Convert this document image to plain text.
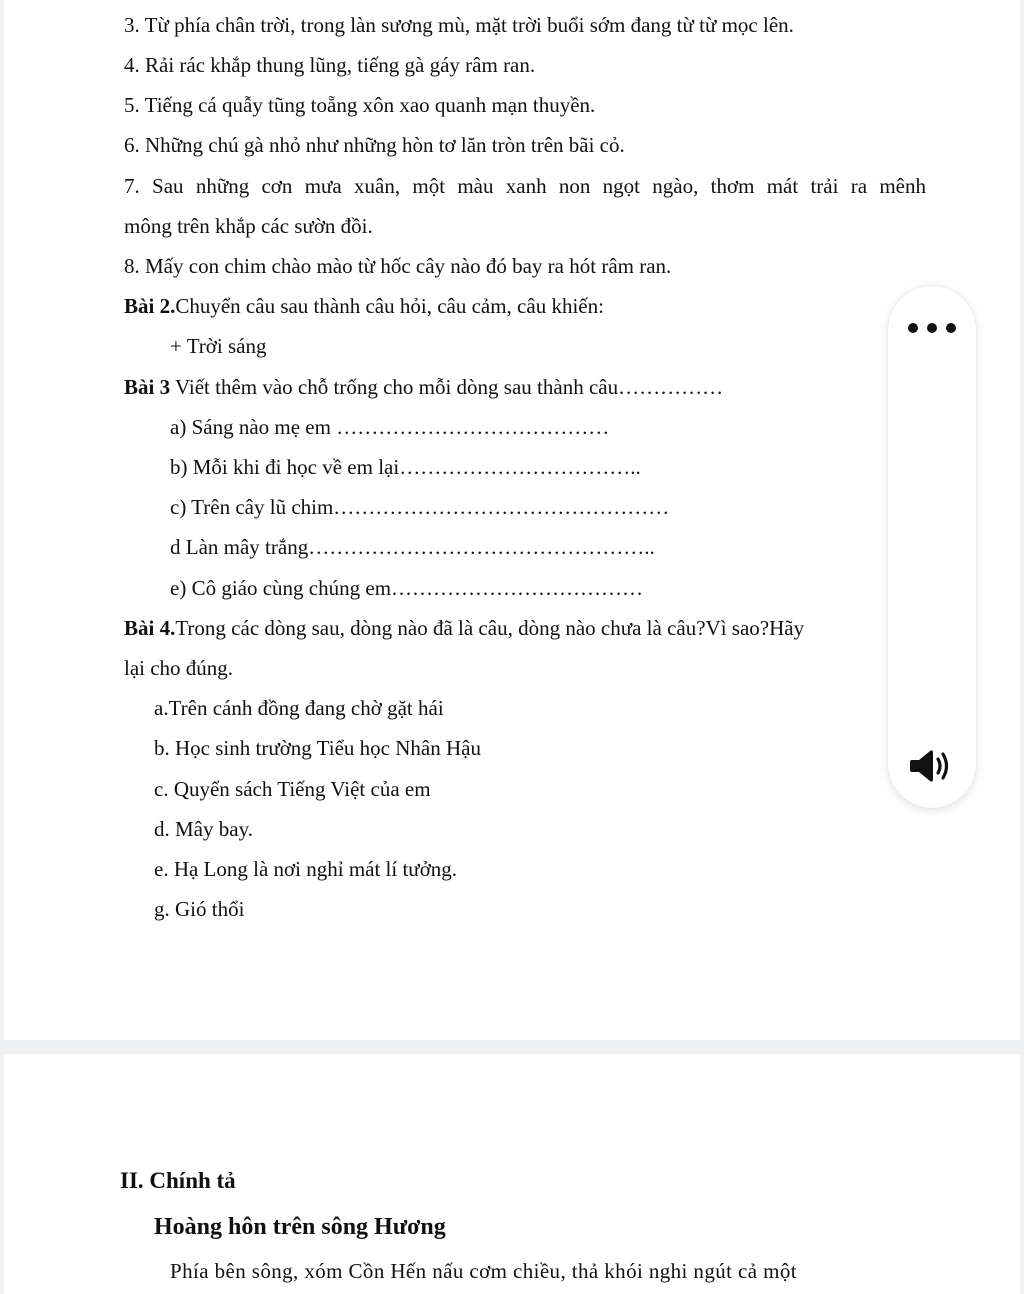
3. Từ phía chân trời, trong làn sương mù, mặt trời buổi sớm đang từ từ mọc lên.
4. Rải rác khắp thung lũng, tiếng gà gáy râm ran.
5. Tiếng cá quẫy tũng toẵng xôn xao quanh mạn thuyền.
6. Những chú gà nhỏ như những hòn tơ lăn tròn trên bãi cỏ.
7. Sau những cơn mưa xuân, một màu xanh non ngọt ngào, thơm mát trải ra mênh
mông trên khắp các sườn đồi.
8. Mấy con chim chào mào từ hốc cây nào đó bay ra hót râm ran.
Bài 2.Chuyển câu sau thành câu hỏi, câu cảm, câu khiến:
+ Trời sáng
Bài 3 Viết thêm vào chỗ trống cho mỗi dòng sau thành câu……………
a) Sáng nào mẹ em …………………………………
b) Mỗi khi đi học về em lại……………………………..
c) Trên cây lũ chim…………………………………………
d Làn mây trắng…………………………………………..
e) Cô giáo cùng chúng em………………………………
Bài 4.Trong các dòng sau, dòng nào đã là câu, dòng nào chưa là câu?Vì sao?Hãy
lại cho đúng.
a.Trên cánh đồng đang chờ gặt hái
b. Học sinh trường Tiểu học Nhân Hậu
c. Quyển sách Tiếng Việt của em
d. Mây bay.
e. Hạ Long là nơi nghỉ mát lí tưởng.
g. Gió thổi
II. Chính tả
Hoàng hôn trên sông Hương
Phía bên sông, xóm Cồn Hến nấu cơm chiều, thả khói nghi ngút cả một
